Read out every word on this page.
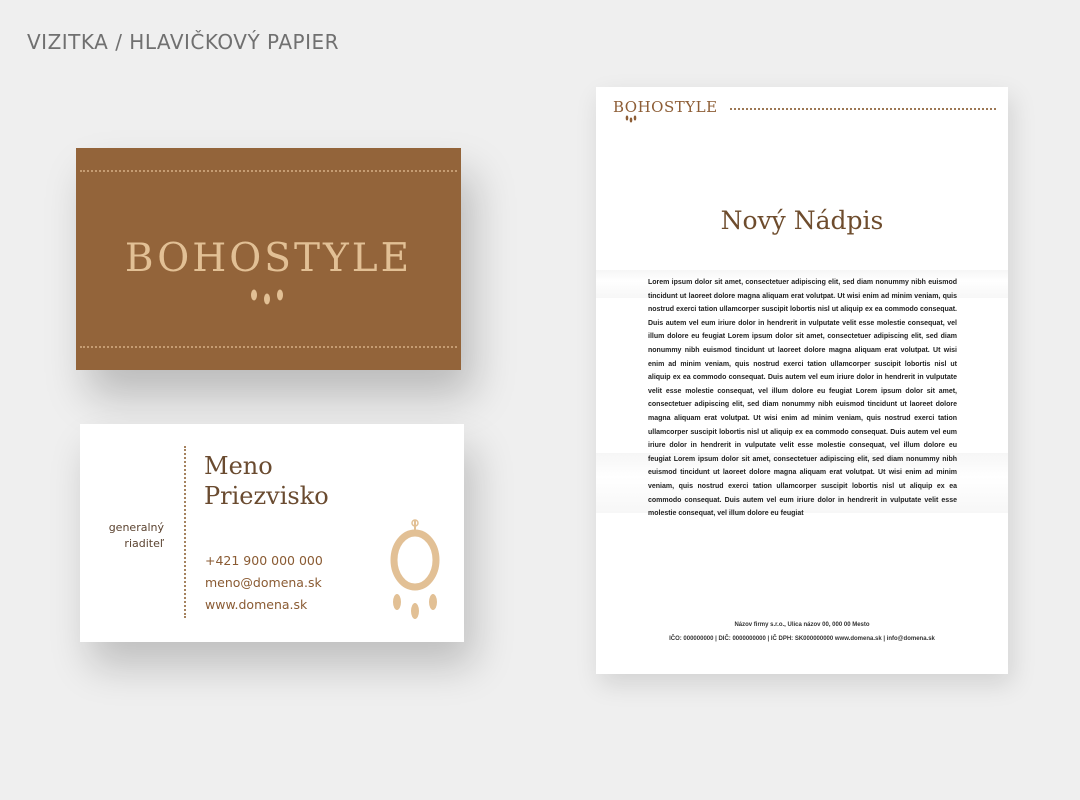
VIZITKA / HLAVIČKOVÝ PAPIER
BOHOSTYLE
generalný
riaditeľ
Meno
Priezvisko
+421 900 000 000
meno@domena.sk
www.domena.sk
BOHOSTYLE
Nový Nádpis
Lorem ipsum dolor sit amet, consectetuer adipiscing elit, sed diam nonummy nibh euismod tincidunt ut laoreet dolore magna aliquam erat volutpat. Ut wisi enim ad minim veniam, quis nostrud exerci tation ullamcorper suscipit lobortis nisl ut aliquip ex ea commodo consequat. Duis autem vel eum iriure dolor in hendrerit in vulputate velit esse molestie consequat, vel illum dolore eu feugiat Lorem ipsum dolor sit amet, consectetuer adipiscing elit, sed diam nonummy nibh euismod tincidunt ut laoreet dolore magna aliquam erat volutpat. Ut wisi enim ad minim veniam, quis nostrud exerci tation ullamcorper suscipit lobortis nisl ut aliquip ex ea commodo consequat. Duis autem vel eum iriure dolor in hendrerit in vulputate velit esse molestie consequat, vel illum dolore eu feugiat Lorem ipsum dolor sit amet, consectetuer adipiscing elit, sed diam nonummy nibh euismod tincidunt ut laoreet dolore magna aliquam erat volutpat. Ut wisi enim ad minim veniam, quis nostrud exerci tation ullamcorper suscipit lobortis nisl ut aliquip ex ea commodo consequat. Duis autem vel eum iriure dolor in hendrerit in vulputate velit esse molestie consequat, vel illum dolore eu feugiat Lorem ipsum dolor sit amet, consectetuer adipiscing elit, sed diam nonummy nibh euismod tincidunt ut laoreet dolore magna aliquam erat volutpat. Ut wisi enim ad minim veniam, quis nostrud exerci tation ullamcorper suscipit lobortis nisl ut aliquip ex ea commodo consequat. Duis autem vel eum iriure dolor in hendrerit in vulputate velit esse molestie consequat, vel illum dolore eu feugiat
Názov firmy s.r.o., Ulica názov 00, 000 00 Mesto
IČO: 000000000 | DIČ: 0000000000 | IČ DPH: SK000000000 www.domena.sk | info@domena.sk
